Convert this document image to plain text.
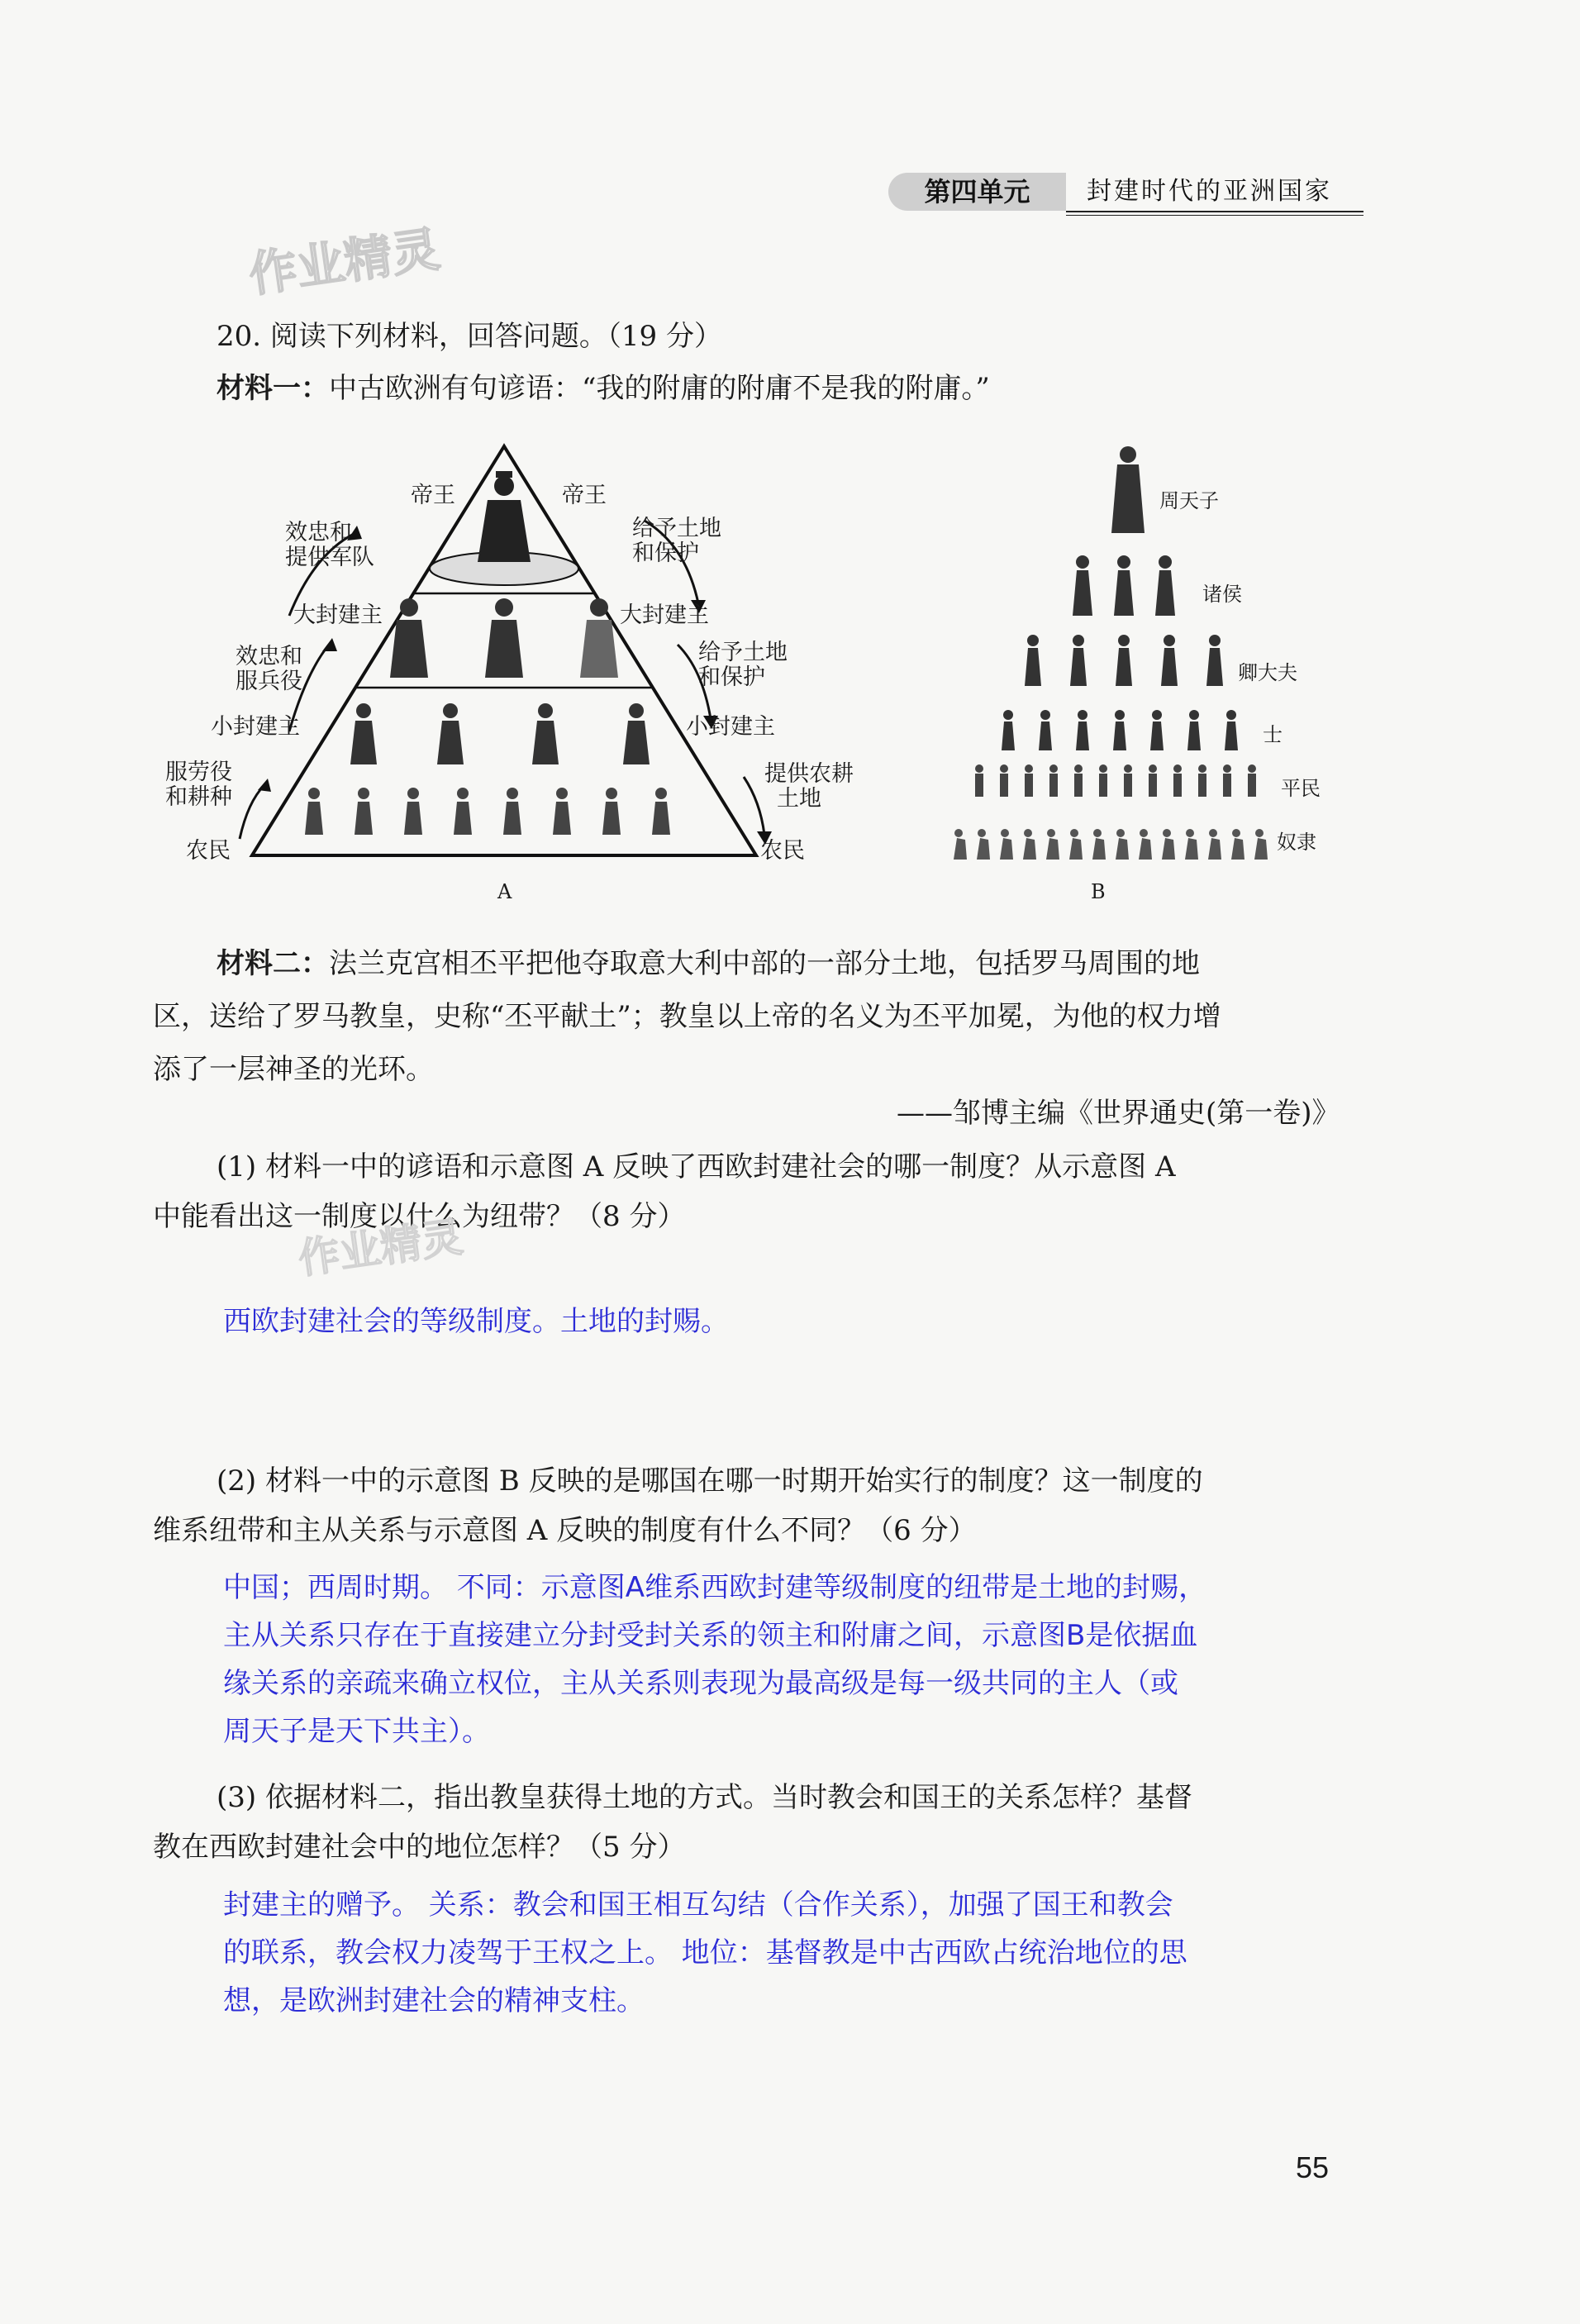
第四单元	封建时代的亚洲国家
作业精灵
20. 阅读下列材料，回答问题。（19 分）
材料一：中古欧洲有句谚语：“我的附庸的附庸不是我的附庸。”
帝王
大封建主
小封建主
农民
帝王
大封建主
小封建主
农民
效忠和
提供军队
效忠和
服兵役
服劳役
和耕种
给予土地
和保护
给予土地
和保护
提供农耕
土地
A
周天子
诸侯
卿大夫
士
平民
奴隶
B
材料二：法兰克宫相丕平把他夺取意大利中部的一部分土地，包括罗马周围的地
区，送给了罗马教皇，史称“丕平献土”；教皇以上帝的名义为丕平加冕，为他的权力增
添了一层神圣的光环。
——邹博主编《世界通史(第一卷)》
(1) 材料一中的谚语和示意图 A 反映了西欧封建社会的哪一制度？从示意图 A
中能看出这一制度以什么为纽带？（8 分）
作业精灵
西欧封建社会的等级制度。土地的封赐。
(2) 材料一中的示意图 B 反映的是哪国在哪一时期开始实行的制度？这一制度的
维系纽带和主从关系与示意图 A 反映的制度有什么不同？（6 分）
中国；西周时期。 不同：示意图A维系西欧封建等级制度的纽带是土地的封赐，
主从关系只存在于直接建立分封受封关系的领主和附庸之间，示意图B是依据血
缘关系的亲疏来确立权位，主从关系则表现为最高级是每一级共同的主人（或
周天子是天下共主）。
(3) 依据材料二，指出教皇获得土地的方式。当时教会和国王的关系怎样？基督
教在西欧封建社会中的地位怎样？（5 分）
封建主的赠予。 关系：教会和国王相互勾结（合作关系），加强了国王和教会
的联系，教会权力凌驾于王权之上。 地位：基督教是中古西欧占统治地位的思
想，是欧洲封建社会的精神支柱。
55
